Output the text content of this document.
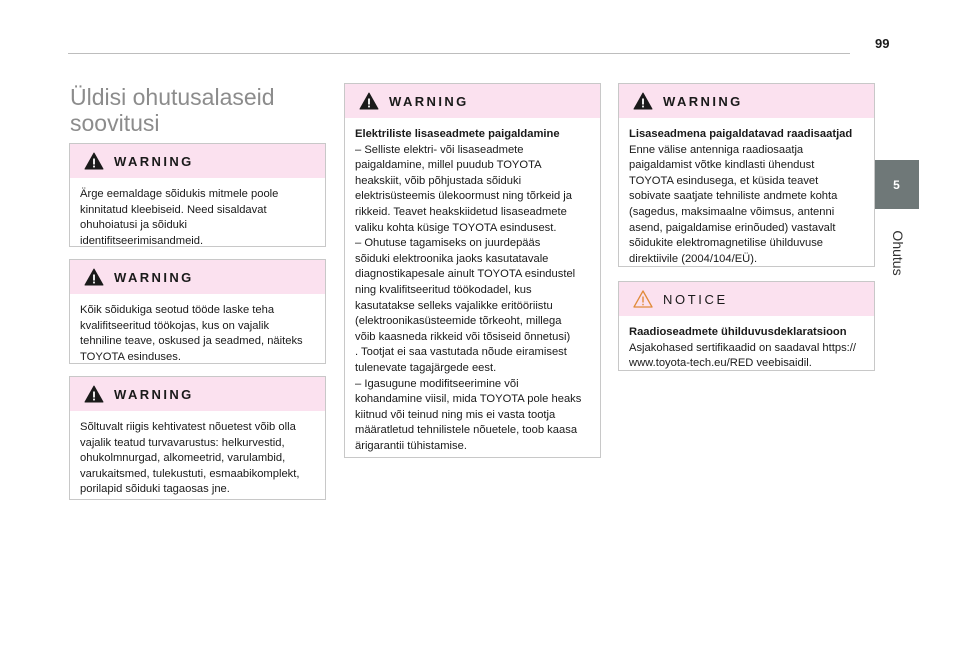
99
5
Ohutus
Üldisi ohutusalaseid soovitusi
WARNING

Ärge eemaldage sõidukis mitmele poole

kinnitatud kleebiseid. Need sisaldavat

ohuhoiatusi ja sõiduki

identifitseerimisandmeid.

WARNING

Kõik sõidukiga seotud tööde laske teha

kvalifitseeritud töökojas, kus on vajalik

tehniline teave, oskused ja seadmed, näiteks

TOYOTA esinduses.

WARNING

Sõltuvalt riigis kehtivatest nõuetest võib olla

vajalik teatud turvavarustus: helkurvestid,

ohukolmnurgad, alkomeetrid, varulambid,

varukaitsmed, tulekustuti, esmaabikomplekt,

porilapid sõiduki tagaosas jne.

WARNING

Elektriliste lisaseadmete paigaldamine

– Selliste elektri- või lisaseadmete

paigaldamine, millel puudub TOYOTA

heakskiit, võib põhjustada sõiduki

elektrisüsteemis ülekoormust ning tõrkeid ja

rikkeid. Teavet heakskiidetud lisaseadmete

valiku kohta küsige TOYOTA esindusest.

– Ohutuse tagamiseks on juurdepääs

sõiduki elektroonika jaoks kasutatavale

diagnostikapesale ainult TOYOTA esindustel

ning kvalifitseeritud töökodadel, kus

kasutatakse selleks vajalikke eritööriistu

(elektroonikasüsteemide tõrkeoht, millega

võib kaasneda rikkeid või tõsiseid õnnetusi)

. Tootjat ei saa vastutada nõude eiramisest

tulenevate tagajärgede eest.

– Igasugune modifitseerimine või

kohandamine viisil, mida TOYOTA pole heaks

kiitnud või teinud ning mis ei vasta tootja

määratletud tehnilistele nõuetele, toob kaasa

ärigarantii tühistamise.

WARNING

Lisaseadmena paigaldatavad raadisaatjad

Enne välise antenniga raadiosaatja

paigaldamist võtke kindlasti ühendust

TOYOTA esindusega, et küsida teavet

sobivate saatjate tehniliste andmete kohta

(sagedus, maksimaalne võimsus, antenni

asend, paigaldamise erinõuded) vastavalt

sõidukite elektromagnetilise ühilduvuse

direktiivile (2004/104/EÜ).

NOTICE

Raadioseadmete ühilduvusdeklaratsioon

Asjakohased sertifikaadid on saadaval https://

www.toyota-tech.eu/RED veebisaidil.
